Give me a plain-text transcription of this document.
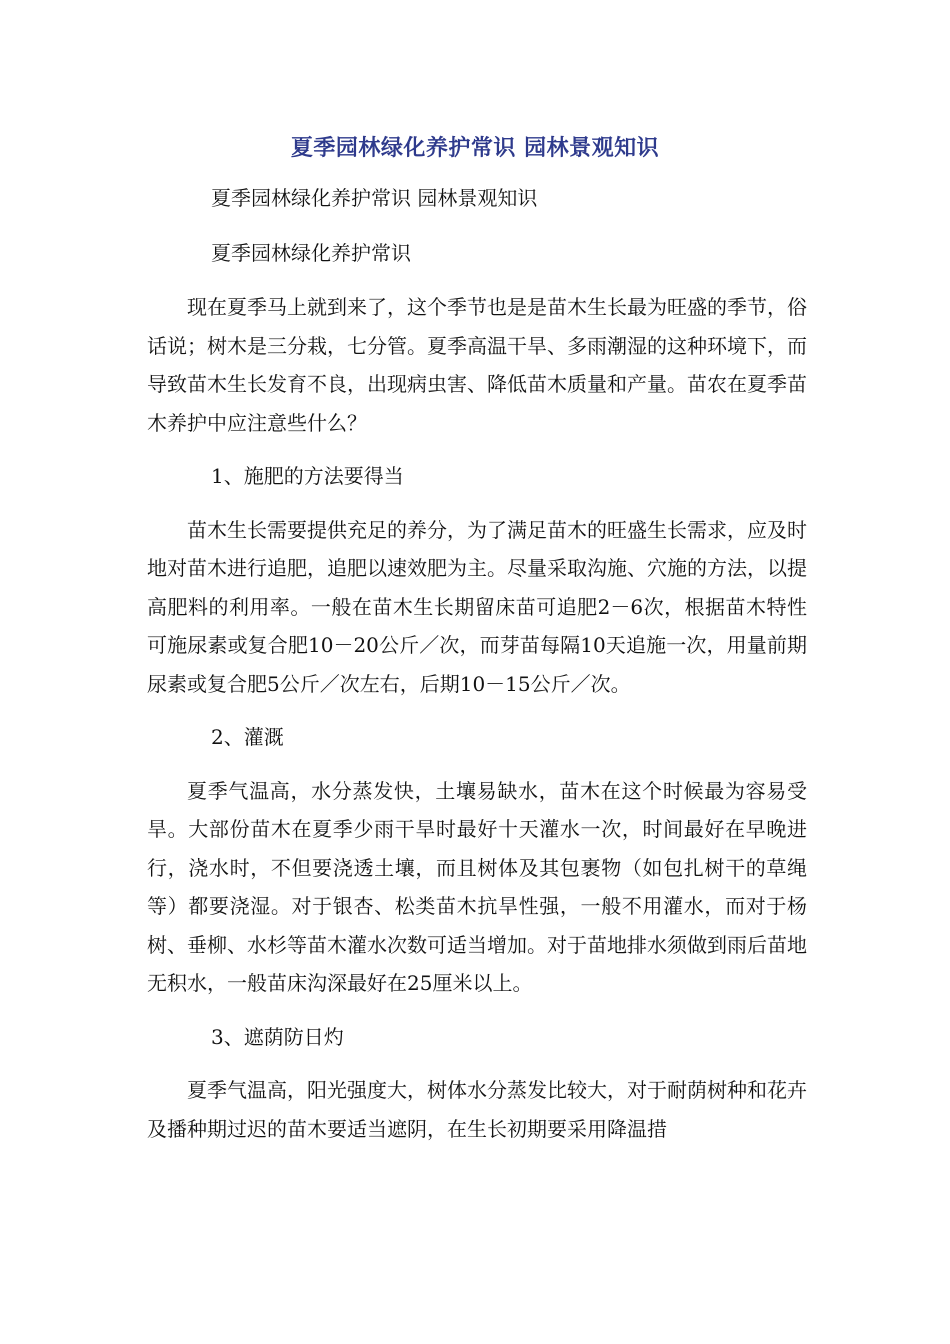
夏季园林绿化养护常识 园林景观知识

夏季园林绿化养护常识 园林景观知识

夏季园林绿化养护常识

现在夏季马上就到来了，这个季节也是是苗木生长最为旺盛的季节，俗话说；树木是三分栽，七分管。夏季高温干旱、多雨潮湿的这种环境下，而导致苗木生长发育不良，出现病虫害、降低苗木质量和产量。苗农在夏季苗木养护中应注意些什么？

1、施肥的方法要得当

苗木生长需要提供充足的养分，为了满足苗木的旺盛生长需求，应及时地对苗木进行追肥，追肥以速效肥为主。尽量采取沟施、穴施的方法，以提高肥料的利用率。一般在苗木生长期留床苗可追肥2－6次，根据苗木特性可施尿素或复合肥10－20公斤／次，而芽苗每隔10天追施一次，用量前期尿素或复合肥5公斤／次左右，后期10－15公斤／次。

2、灌溉

夏季气温高，水分蒸发快，土壤易缺水，苗木在这个时候最为容易受旱。大部份苗木在夏季少雨干旱时最好十天灌水一次，时间最好在早晚进行，浇水时，不但要浇透土壤，而且树体及其包裹物（如包扎树干的草绳等）都要浇湿。对于银杏、松类苗木抗旱性强，一般不用灌水，而对于杨树、垂柳、水杉等苗木灌水次数可适当增加。对于苗地排水须做到雨后苗地无积水，一般苗床沟深最好在25厘米以上。

3、遮荫防日灼

夏季气温高，阳光强度大，树体水分蒸发比较大，对于耐荫树种和花卉及播种期过迟的苗木要适当遮阴，在生长初期要采用降温措
